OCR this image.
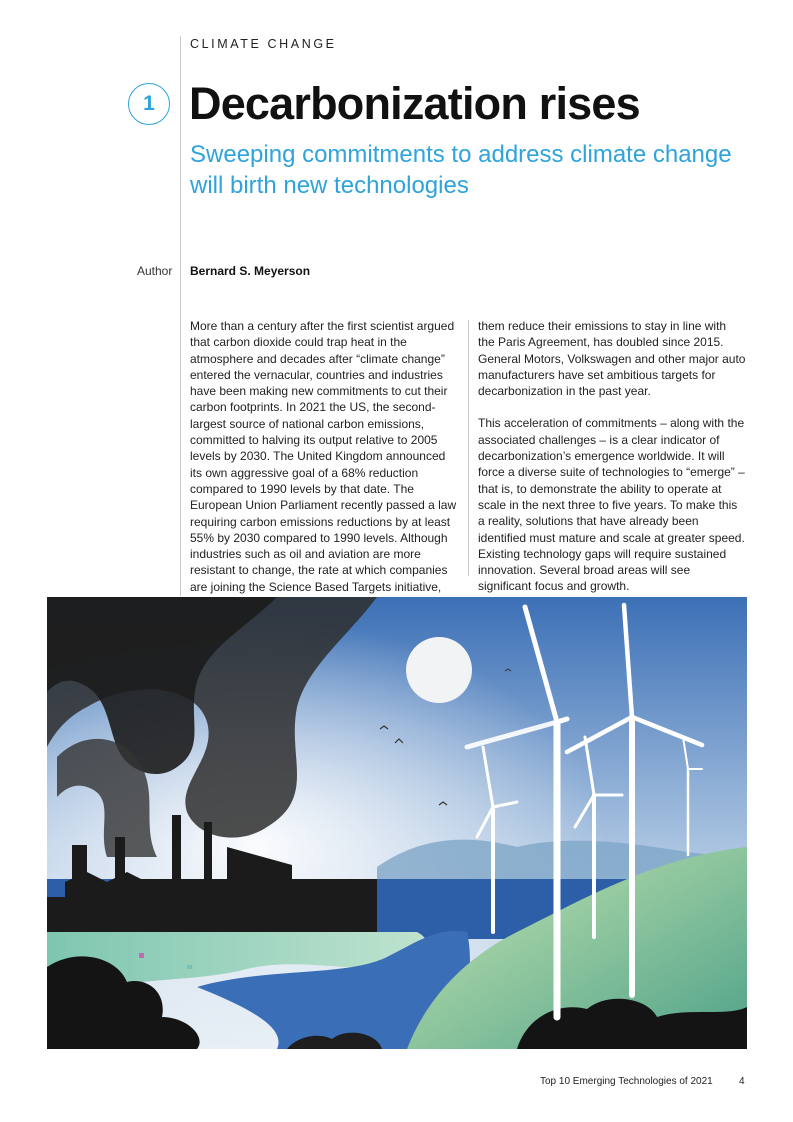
CLIMATE CHANGE
1 Decarbonization rises
Sweeping commitments to address climate change will birth new technologies
Author Bernard S. Meyerson

More than a century after the first scientist argued that carbon dioxide could trap heat in the atmosphere and decades after “climate change” entered the vernacular, countries and industries have been making new commitments to cut their carbon footprints. In 2021 the US, the second-largest source of national carbon emissions, committed to halving its output relative to 2005 levels by 2030. The United Kingdom announced its own aggressive goal of a 68% reduction compared to 1990 levels by that date. The European Union Parliament recently passed a law requiring carbon emissions reductions by at least 55% by 2030 compared to 1990 levels. Although industries such as oil and aviation are more resistant to change, the rate at which companies are joining the Science Based Targets initiative,

them reduce their emissions to stay in line with the Paris Agreement, has doubled since 2015. General Motors, Volkswagen and other major auto manufacturers have set ambitious targets for decarbonization in the past year.

This acceleration of commitments – along with the associated challenges – is a clear indicator of decarbonization’s emergence worldwide. It will force a diverse suite of technologies to “emerge” – that is, to demonstrate the ability to operate at scale in the next three to five years. To make this a reality, solutions that have already been identified must mature and scale at greater speed. Existing technology gaps will require sustained innovation. Several broad areas will see significant focus and growth.

Top 10 Emerging Technologies of 2021	4
